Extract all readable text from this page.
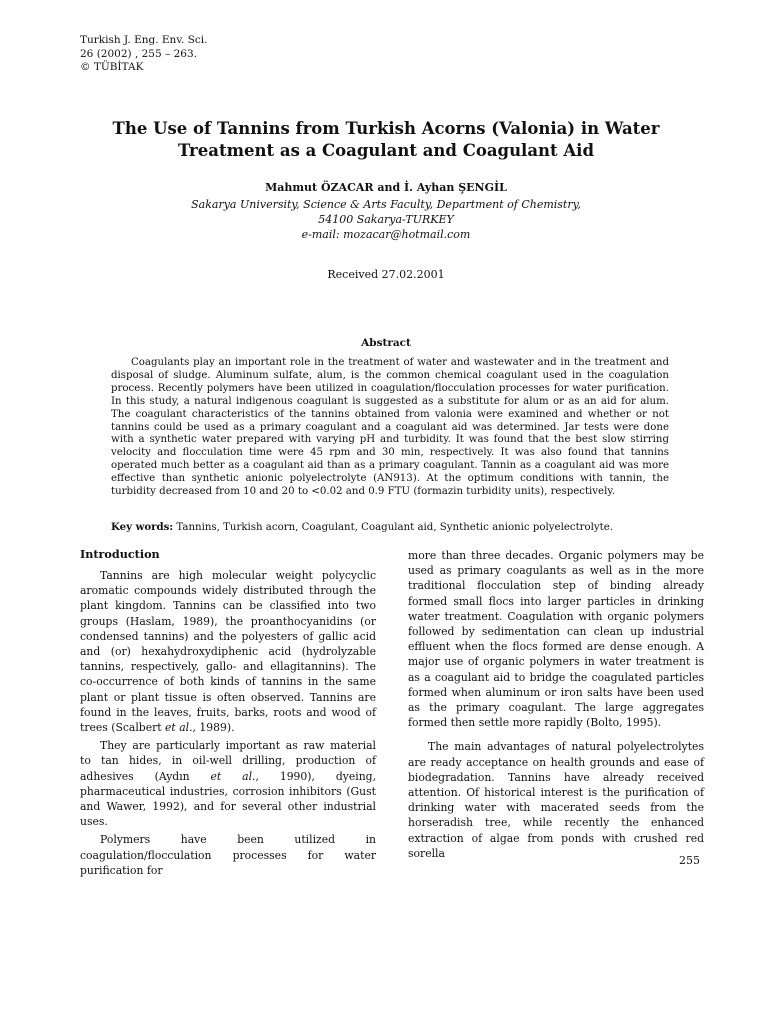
Turkish J. Eng. Env. Sci.
26 (2002) , 255 – 263.
© TÜBİTAK
The Use of Tannins from Turkish Acorns (Valonia) in Water
Treatment as a Coagulant and Coagulant Aid
Mahmut ÖZACAR and İ. Ayhan ŞENGİL
Sakarya University, Science & Arts Faculty, Department of Chemistry,
54100 Sakarya-TURKEY
e-mail: mozacar@hotmail.com
Received 27.02.2001
Abstract
Coagulants play an important role in the treatment of water and wastewater and in the treatment and disposal of sludge. Aluminum sulfate, alum, is the common chemical coagulant used in the coagulation process. Recently polymers have been utilized in coagulation/flocculation processes for water purification. In this study, a natural indigenous coagulant is suggested as a substitute for alum or as an aid for alum. The coagulant characteristics of the tannins obtained from valonia were examined and whether or not tannins could be used as a primary coagulant and a coagulant aid was determined. Jar tests were done with a synthetic water prepared with varying pH and turbidity. It was found that the best slow stirring velocity and flocculation time were 45 rpm and 30 min, respectively. It was also found that tannins operated much better as a coagulant aid than as a primary coagulant. Tannin as a coagulant aid was more effective than synthetic anionic polyelectrolyte (AN913). At the optimum conditions with tannin, the turbidity decreased from 10 and 20 to <0.02 and 0.9 FTU (formazin turbidity units), respectively.
Key words: Tannins, Turkish acorn, Coagulant, Coagulant aid, Synthetic anionic polyelectrolyte.
Introduction

Tannins are high molecular weight polycyclic aromatic compounds widely distributed through the plant kingdom. Tannins can be classified into two groups (Haslam, 1989), the proanthocyanidins (or condensed tannins) and the polyesters of gallic acid and (or) hexahydroxydiphenic acid (hydrolyzable tannins, respectively, gallo- and ellagitannins). The co-occurrence of both kinds of tannins in the same plant or plant tissue is often observed. Tannins are found in the leaves, fruits, barks, roots and wood of trees (Scalbert et al., 1989).

They are particularly important as raw material to tan hides, in oil-well drilling, production of adhesives (Aydın et al., 1990), dyeing, pharmaceutical industries, corrosion inhibitors (Gust and Wawer, 1992), and for several other industrial uses.

Polymers have been utilized in coagulation/flocculation processes for water purification for

more than three decades. Organic polymers may be used as primary coagulants as well as in the more traditional flocculation step of binding already formed small flocs into larger particles in drinking water treatment. Coagulation with organic polymers followed by sedimentation can clean up industrial effluent when the flocs formed are dense enough. A major use of organic polymers in water treatment is as a coagulant aid to bridge the coagulated particles formed when aluminum or iron salts have been used as the primary coagulant. The large aggregates formed then settle more rapidly (Bolto, 1995).

The main advantages of natural polyelectrolytes are ready acceptance on health grounds and ease of biodegradation. Tannins have already received attention. Of historical interest is the purification of drinking water with macerated seeds from the horseradish tree, while recently the enhanced extraction of algae from ponds with crushed red sorella

255
